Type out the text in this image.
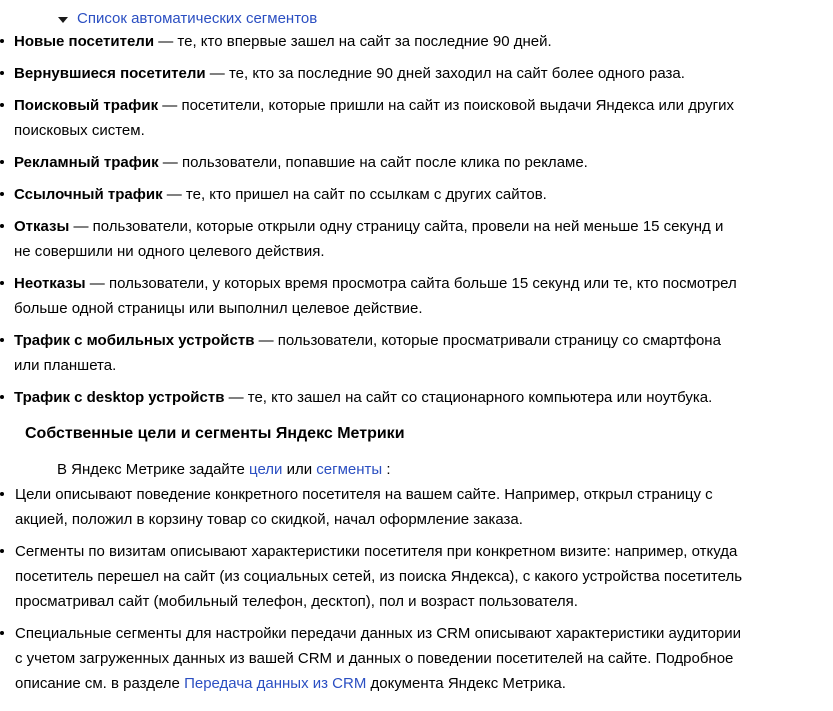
Список автоматических сегментов
Новые посетители — те, кто впервые зашел на сайт за последние 90 дней.
Вернувшиеся посетители — те, кто за последние 90 дней заходил на сайт более одного раза.
Поисковый трафик — посетители, которые пришли на сайт из поисковой выдачи Яндекса или других поисковых систем.
Рекламный трафик — пользователи, попавшие на сайт после клика по рекламе.
Ссылочный трафик — те, кто пришел на сайт по ссылкам с других сайтов.
Отказы — пользователи, которые открыли одну страницу сайта, провели на ней меньше 15 секунд и не совершили ни одного целевого действия.
Неотказы — пользователи, у которых время просмотра сайта больше 15 секунд или те, кто посмотрел больше одной страницы или выполнил целевое действие.
Трафик с мобильных устройств — пользователи, которые просматривали страницу со смартфона или планшета.
Трафик с desktop устройств — те, кто зашел на сайт со стационарного компьютера или ноутбука.
Собственные цели и сегменты Яндекс Метрики

В Яндекс Метрике задайте цели или сегменты :

Цели описывают поведение конкретного посетителя на вашем сайте. Например, открыл страницу с акцией, положил в корзину товар со скидкой, начал оформление заказа.
Сегменты по визитам описывают характеристики посетителя при конкретном визите: например, откуда посетитель перешел на сайт (из социальных сетей, из поиска Яндекса), с какого устройства посетитель просматривал сайт (мобильный телефон, десктоп), пол и возраст пользователя.
Специальные сегменты для настройки передачи данных из CRM описывают характеристики аудитории с учетом загруженных данных из вашей CRM и данных о поведении посетителей на сайте. Подробное описание см. в разделе Передача данных из CRM документа Яндекс Метрика.
